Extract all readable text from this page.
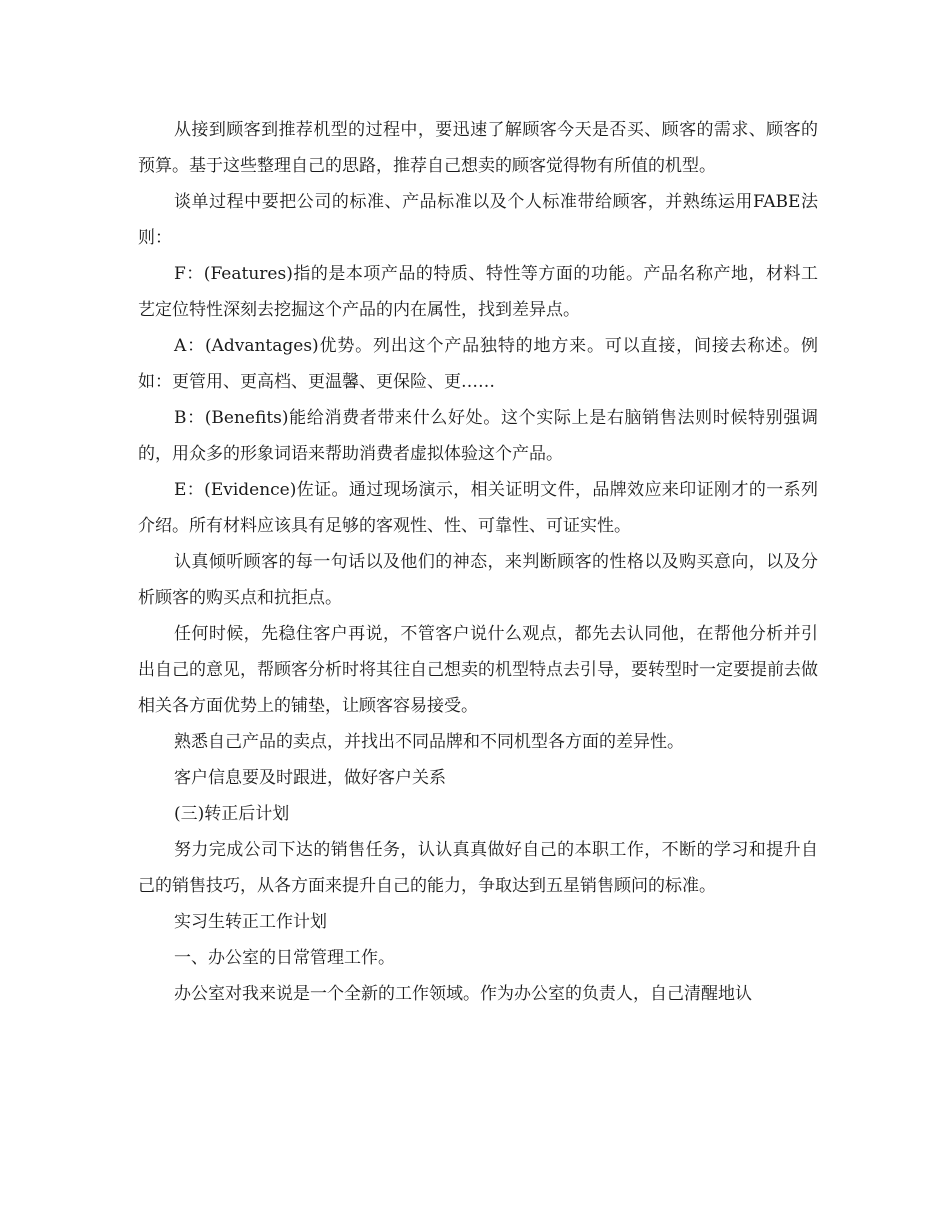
从接到顾客到推荐机型的过程中，要迅速了解顾客今天是否买、顾客的需求、顾客的预算。基于这些整理自己的思路，推荐自己想卖的顾客觉得物有所值的机型。

谈单过程中要把公司的标准、产品标准以及个人标准带给顾客，并熟练运用FABE法则：

F：(Features)指的是本项产品的特质、特性等方面的功能。产品名称产地，材料工艺定位特性深刻去挖掘这个产品的内在属性，找到差异点。

A：(Advantages)优势。列出这个产品独特的地方来。可以直接，间接去称述。例如：更管用、更高档、更温馨、更保险、更……

B：(Benefits)能给消费者带来什么好处。这个实际上是右脑销售法则时候特别强调的，用众多的形象词语来帮助消费者虚拟体验这个产品。

E：(Evidence)佐证。通过现场演示，相关证明文件，品牌效应来印证刚才的一系列介绍。所有材料应该具有足够的客观性、性、可靠性、可证实性。

认真倾听顾客的每一句话以及他们的神态，来判断顾客的性格以及购买意向，以及分析顾客的购买点和抗拒点。

任何时候，先稳住客户再说，不管客户说什么观点，都先去认同他，在帮他分析并引出自己的意见，帮顾客分析时将其往自己想卖的机型特点去引导，要转型时一定要提前去做相关各方面优势上的铺垫，让顾客容易接受。

熟悉自己产品的卖点，并找出不同品牌和不同机型各方面的差异性。

客户信息要及时跟进，做好客户关系

(三)转正后计划

努力完成公司下达的销售任务，认认真真做好自己的本职工作，不断的学习和提升自己的销售技巧，从各方面来提升自己的能力，争取达到五星销售顾问的标准。

实习生转正工作计划

一、办公室的日常管理工作。

办公室对我来说是一个全新的工作领域。作为办公室的负责人，自己清醒地认
